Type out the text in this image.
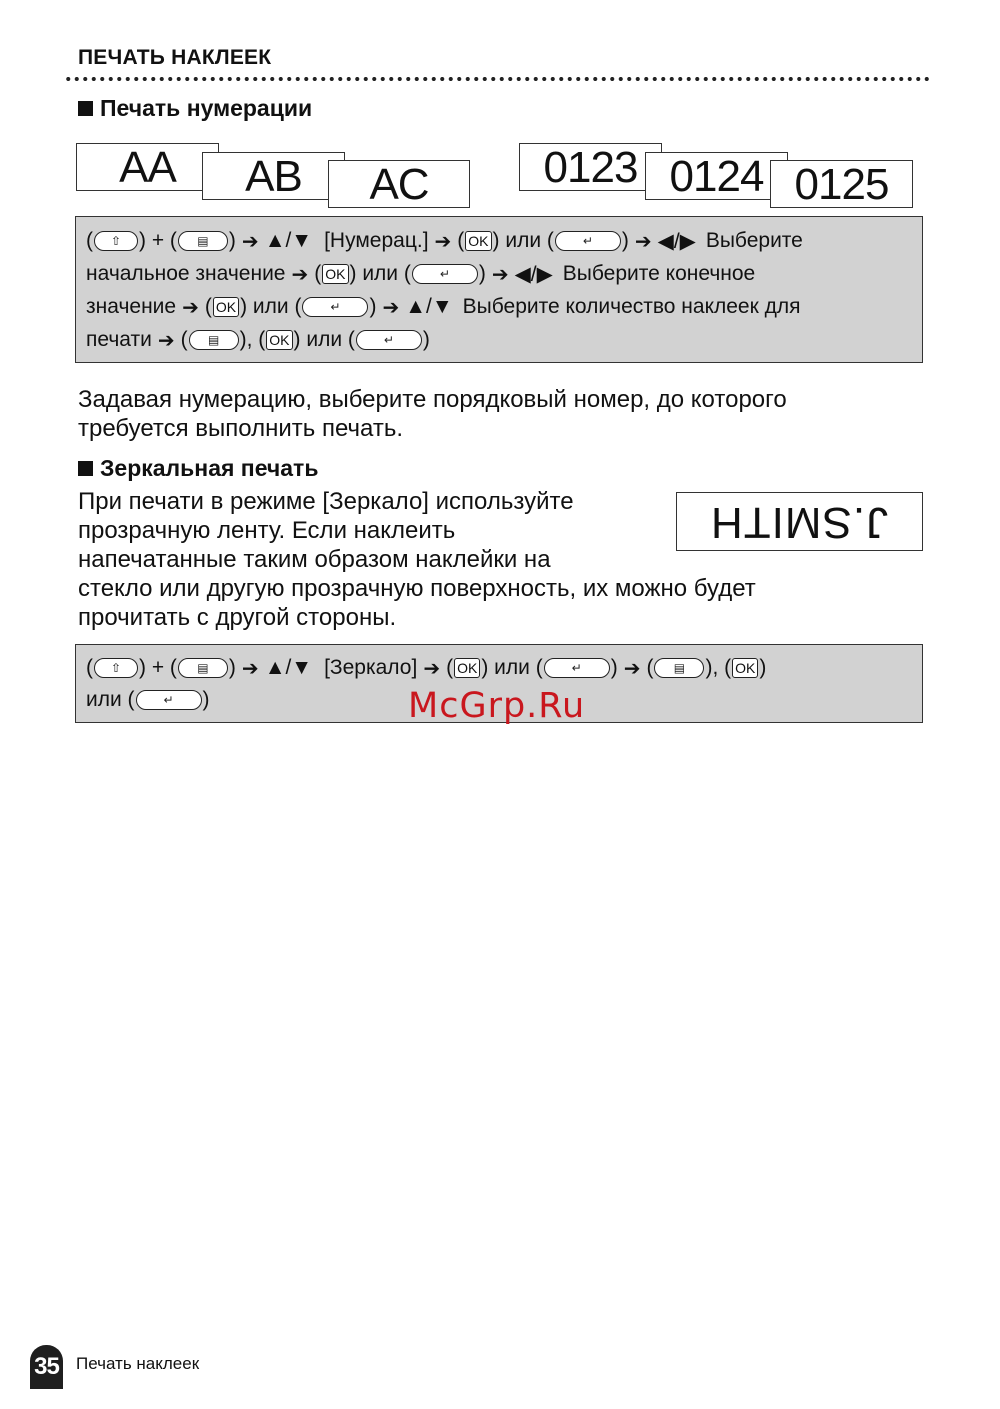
ПЕЧАТЬ НАКЛЕЕК
Печать нумерации
AA AB AC	0123 0124 0125
(	⇧ ) + (	▤ ) ➔ ▲/▼ [Нумерац.] ➔ ( OK ) или (	↵	) ➔ ◀/▶ Выберите
начальное значение ➔ ( OK ) или (	↵	) ➔ ◀/▶ Выберите конечное
значение ➔ ( OK ) или (	↵	) ➔ ▲/▼ Выберите количество наклеек для
печати ➔ (	▤ ), ( OK ) или (	↵	)
Задавая нумерацию, выберите порядковый номер, до которого
требуется выполнить печать.
Зеркальная печать
При печати в режиме [Зеркало] используйте
прозрачную ленту. Если наклеить
напечатанные таким образом наклейки на
стекло или другую прозрачную поверхность, их можно будет
прочитать с другой стороны.
J.SMITH
(	⇧ ) + (	▤ ) ➔ ▲/▼ [Зеркало] ➔ ( OK ) или (	↵	) ➔ (	▤ ), ( OK )
или (	↵	)	McGrp.Ru
35 Печать наклеек
